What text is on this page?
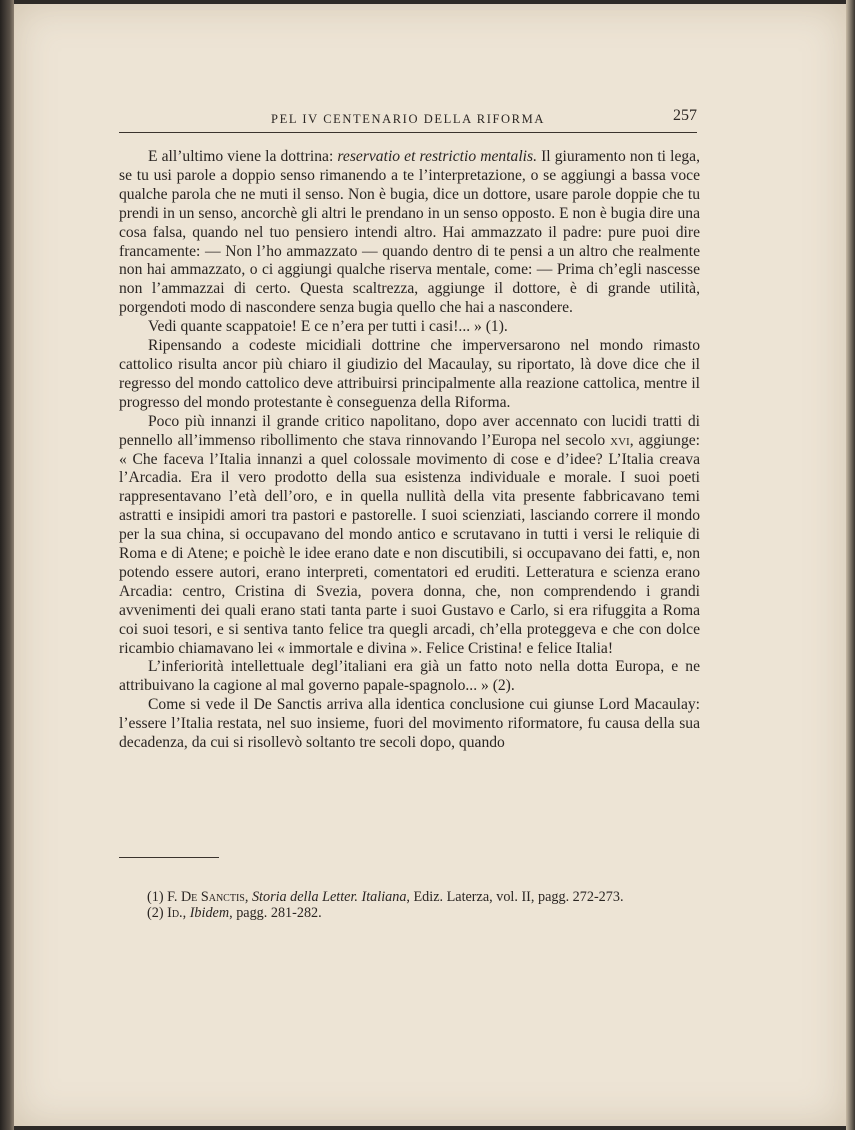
PEL IV CENTENARIO DELLA RIFORMA	257

E all’ultimo viene la dottrina: reservatio et restrictio mentalis. Il giuramento non ti lega, se tu usi parole a doppio senso rimanendo a te l’interpretazione, o se aggiungi a bassa voce qualche parola che ne muti il senso. Non è bugia, dice un dottore, usare parole doppie che tu prendi in un senso, ancorchè gli altri le prendano in un senso opposto. E non è bugia dire una cosa falsa, quando nel tuo pensiero intendi altro. Hai ammazzato il padre: pure puoi dire francamente: — Non l’ho ammazzato — quando dentro di te pensi a un altro che realmente non hai ammazzato, o ci aggiungi qualche riserva mentale, come: — Prima ch’egli nascesse non l’ammazzai di certo. Questa scaltrezza, aggiunge il dottore, è di grande utilità, porgendoti modo di nascondere senza bugia quello che hai a nascondere.

Vedi quante scappatoie! E ce n’era per tutti i casi!... » (1).

Ripensando a codeste micidiali dottrine che imperversarono nel mondo rimasto cattolico risulta ancor più chiaro il giudizio del Macaulay, su riportato, là dove dice che il regresso del mondo cattolico deve attribuirsi principalmente alla reazione cattolica, mentre il progresso del mondo protestante è conseguenza della Riforma.

Poco più innanzi il grande critico napolitano, dopo aver accennato con lucidi tratti di pennello all’immenso ribollimento che stava rinnovando l’Europa nel secolo xvi, aggiunge: « Che faceva l’Italia innanzi a quel colossale movimento di cose e d’idee? L’Italia creava l’Arcadia. Era il vero prodotto della sua esistenza individuale e morale. I suoi poeti rappresentavano l’età dell’oro, e in quella nullità della vita presente fabbricavano temi astratti e insipidi amori tra pastori e pastorelle. I suoi scienziati, lasciando correre il mondo per la sua china, si occupavano del mondo antico e scrutavano in tutti i versi le reliquie di Roma e di Atene; e poichè le idee erano date e non discutibili, si occupavano dei fatti, e, non potendo essere autori, erano interpreti, comentatori ed eruditi. Letteratura e scienza erano Arcadia: centro, Cristina di Svezia, povera donna, che, non comprendendo i grandi avvenimenti dei quali erano stati tanta parte i suoi Gustavo e Carlo, si era rifuggita a Roma coi suoi tesori, e si sentiva tanto felice tra quegli arcadi, ch’ella proteggeva e che con dolce ricambio chiamavano lei « immortale e divina ». Felice Cristina! e felice Italia!

L’inferiorità intellettuale degl’italiani era già un fatto noto nella dotta Europa, e ne attribuivano la cagione al mal governo papale-spagnolo... » (2).

Come si vede il De Sanctis arriva alla identica conclusione cui giunse Lord Macaulay: l’essere l’Italia restata, nel suo insieme, fuori del movimento riformatore, fu causa della sua decadenza, da cui si risollevò soltanto tre secoli dopo, quando

(1) F. De Sanctis, Storia della Letter. Italiana, Ediz. Laterza, vol. II, pagg. 272-273.

(2) Id., Ibidem, pagg. 281-282.
